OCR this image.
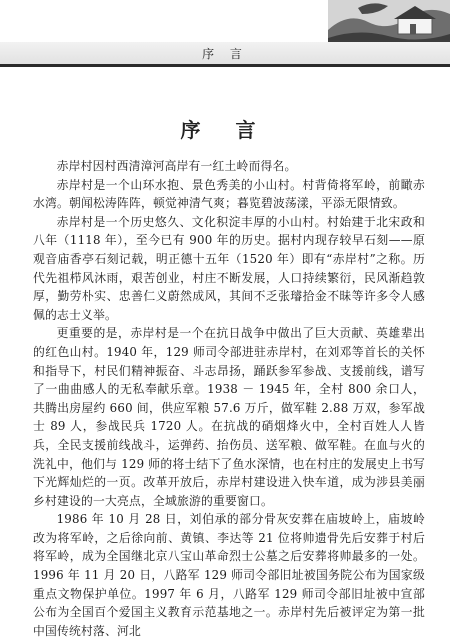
序 言
序 言

赤岸村因村西清漳河高岸有一红土岭而得名。

赤岸村是一个山环水抱、景色秀美的小山村。村背倚将军岭，前瞰赤水湾。朝闻松涛阵阵，顿觉神清气爽；暮览碧波荡漾，平添无限情致。

赤岸村是一个历史悠久、文化积淀丰厚的小山村。村始建于北宋政和八年（1118 年），至今已有 900 年的历史。据村内现存较早石刻——原观音庙香亭石刻记载，明正德十五年（1520 年）即有“赤岸村”之称。历代先祖栉风沐雨，艰苦创业，村庄不断发展，人口持续繁衍，民风渐趋敦厚，勤劳朴实、忠善仁义蔚然成风，其间不乏张璿拾金不昧等许多令人感佩的志士义举。

更重要的是，赤岸村是一个在抗日战争中做出了巨大贡献、英雄辈出的红色山村。1940 年，129 师司令部进驻赤岸村，在刘邓等首长的关怀和指导下，村民们精神振奋、斗志昂扬，踊跃参军参战、支援前线，谱写了一曲曲感人的无私奉献乐章。1938 － 1945 年，全村 800 余口人，共腾出房屋约 660 间，供应军粮 57.6 万斤，做军鞋 2.88 万双，参军战士 89 人，参战民兵 1720 人。在抗战的硝烟烽火中，全村百姓人人皆兵，全民支援前线战斗，运弹药、抬伤员、送军粮、做军鞋。在血与火的洗礼中，他们与 129 师的将士结下了鱼水深情，也在村庄的发展史上书写下光辉灿烂的一页。改革开放后，赤岸村建设进入快车道，成为涉县美丽乡村建设的一大亮点，全域旅游的重要窗口。

1986 年 10 月 28 日，刘伯承的部分骨灰安葬在庙坡岭上，庙坡岭改为将军岭，之后徐向前、黄镇、李达等 21 位将帅遗骨先后安葬于村后将军岭，成为全国继北京八宝山革命烈士公墓之后安葬将帅最多的一处。1996 年 11 月 20 日，八路军 129 师司令部旧址被国务院公布为国家级重点文物保护单位。1997 年 6 月，八路军 129 师司令部旧址被中宣部公布为全国百个爱国主义教育示范基地之一。赤岸村先后被评定为第一批中国传统村落、河北
